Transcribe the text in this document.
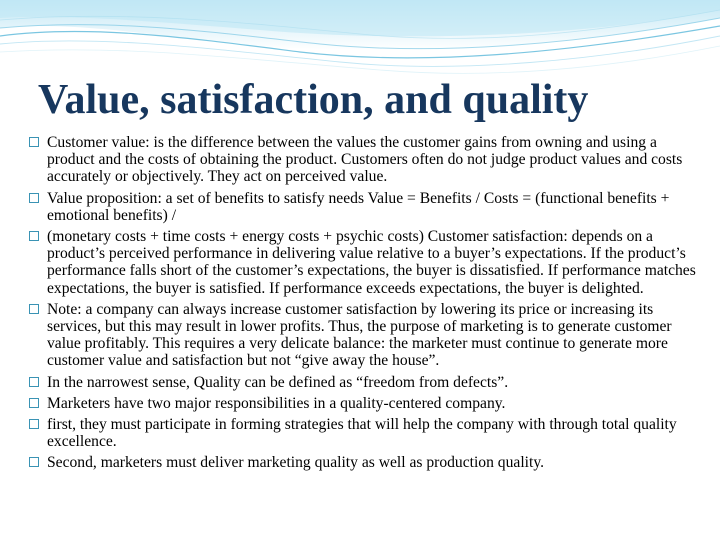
Value, satisfaction, and quality
Customer value: is the difference between the values the customer gains from owning and using a product and the costs of obtaining the product. Customers often do not judge product values and costs accurately or objectively. They act on perceived value.
Value proposition: a set of benefits to satisfy needs Value = Benefits / Costs = (functional benefits + emotional benefits) /
(monetary costs + time costs + energy costs + psychic costs) Customer satisfaction: depends on a product’s perceived performance in delivering value relative to a buyer’s expectations. If the product’s performance falls short of the customer’s expectations, the buyer is dissatisfied. If performance matches expectations, the buyer is satisfied. If performance exceeds expectations, the buyer is delighted.
Note: a company can always increase customer satisfaction by lowering its price or increasing its services, but this may result in lower profits. Thus, the purpose of marketing is to generate customer value profitably. This requires a very delicate balance: the marketer must continue to generate more customer value and satisfaction but not “give away the house”.
In the narrowest sense, Quality can be defined as “freedom from defects”.
Marketers have two major responsibilities in a quality-centered company.
first, they must participate in forming strategies that will help the company with through total quality excellence.
Second, marketers must deliver marketing quality as well as production quality.
